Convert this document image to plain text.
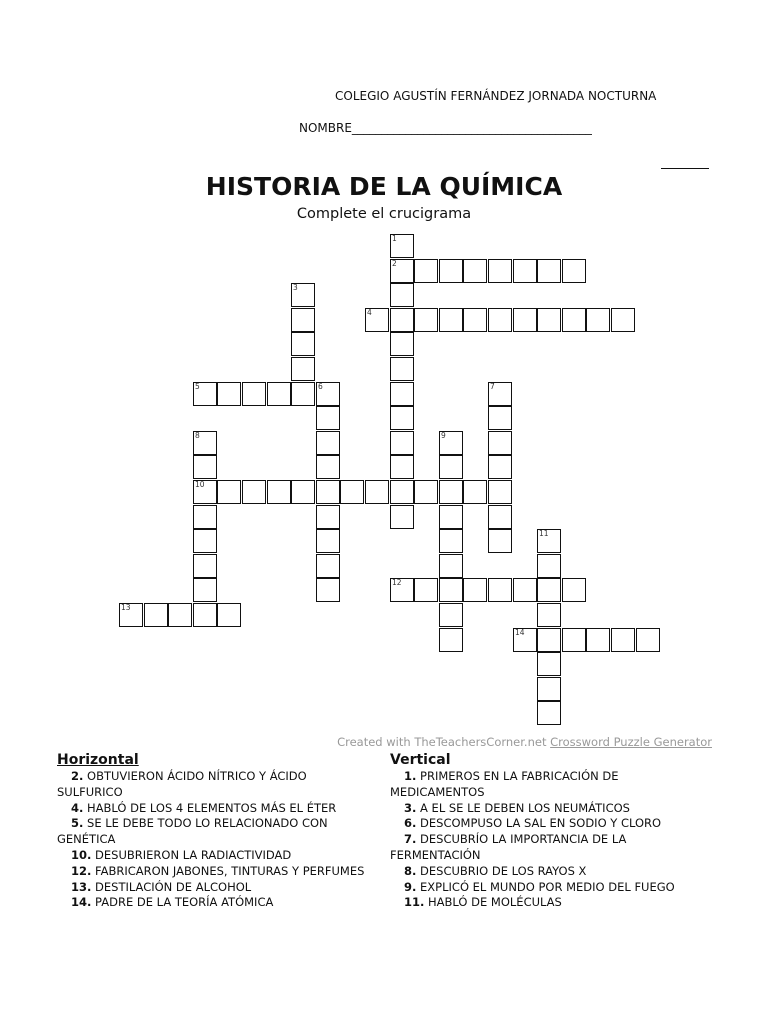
COLEGIO AGUSTÍN FERNÁNDEZ JORNADA NOCTURNA
NOMBRE________________________________________
HISTORIA DE LA QUÍMICA
Complete el crucigrama
1
2
3
4
5	6	7
8
10
9
11
12
13
14
Created with TheTeachersCorner.net Crossword Puzzle Generator
Horizontal
2. OBTUVIERON ÁCIDO NÍTRICO Y ÁCIDO
SULFURICO
4. HABLÓ DE LOS 4 ELEMENTOS MÁS EL ÉTER
5. SE LE DEBE TODO LO RELACIONADO CON
GENÉTICA
10. DESUBRIERON LA RADIACTIVIDAD
12. FABRICARON JABONES, TINTURAS Y PERFUMES
13. DESTILACIÓN DE ALCOHOL
14. PADRE DE LA TEORÍA ATÓMICA
Vertical
1. PRIMEROS EN LA FABRICACIÓN DE
MEDICAMENTOS
3. A EL SE LE DEBEN LOS NEUMÁTICOS
6. DESCOMPUSO LA SAL EN SODIO Y CLORO
7. DESCUBRÍO LA IMPORTANCIA DE LA
FERMENTACIÓN
8. DESCUBRIO DE LOS RAYOS X
9. EXPLICÓ EL MUNDO POR MEDIO DEL FUEGO
11. HABLÓ DE MOLÉCULAS
